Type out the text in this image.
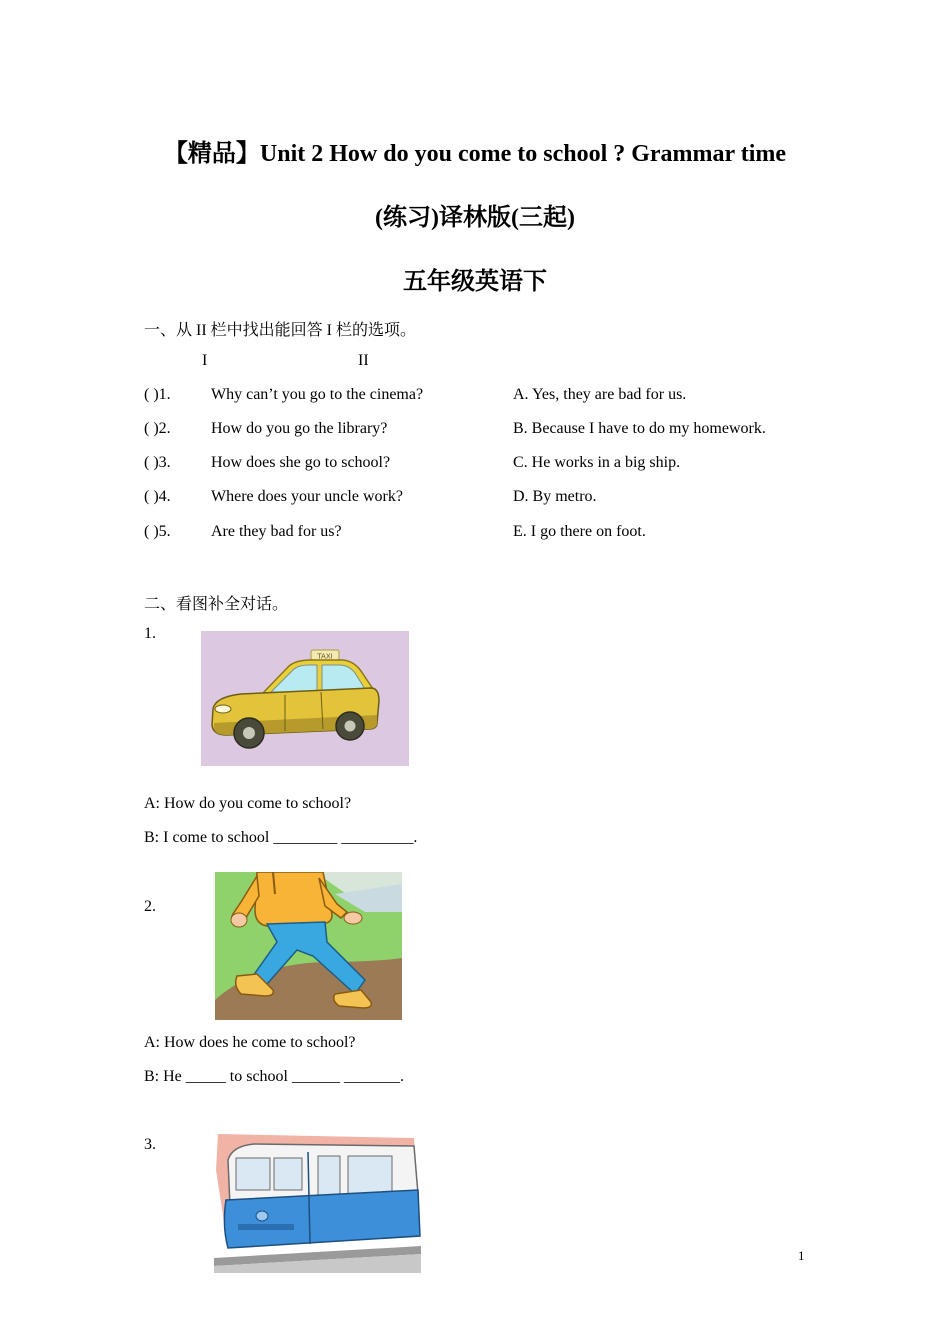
【精品】Unit 2 How do you come to school ? Grammar time
(练习)译林版(三起)
五年级英语下
一、从 II 栏中找出能回答 I 栏的选项。
I	II
( )1.	Why can’t you go to the cinema?	A. Yes, they are bad for us.
( )2.	How do you go the library?	B. Because I have to do my homework.
( )3.	How does she go to school?	C. He works in a big ship.
( )4.	Where does your uncle work?	D. By metro.
( )5.	Are they bad for us?	E. I go there on foot.
二、看图补全对话。
1.
TAXI
A: How do you come to school?
B: I come to school ________ _________.
2.
A: How does he come to school?
B: He _____ to school ______ _______.
3.
1
